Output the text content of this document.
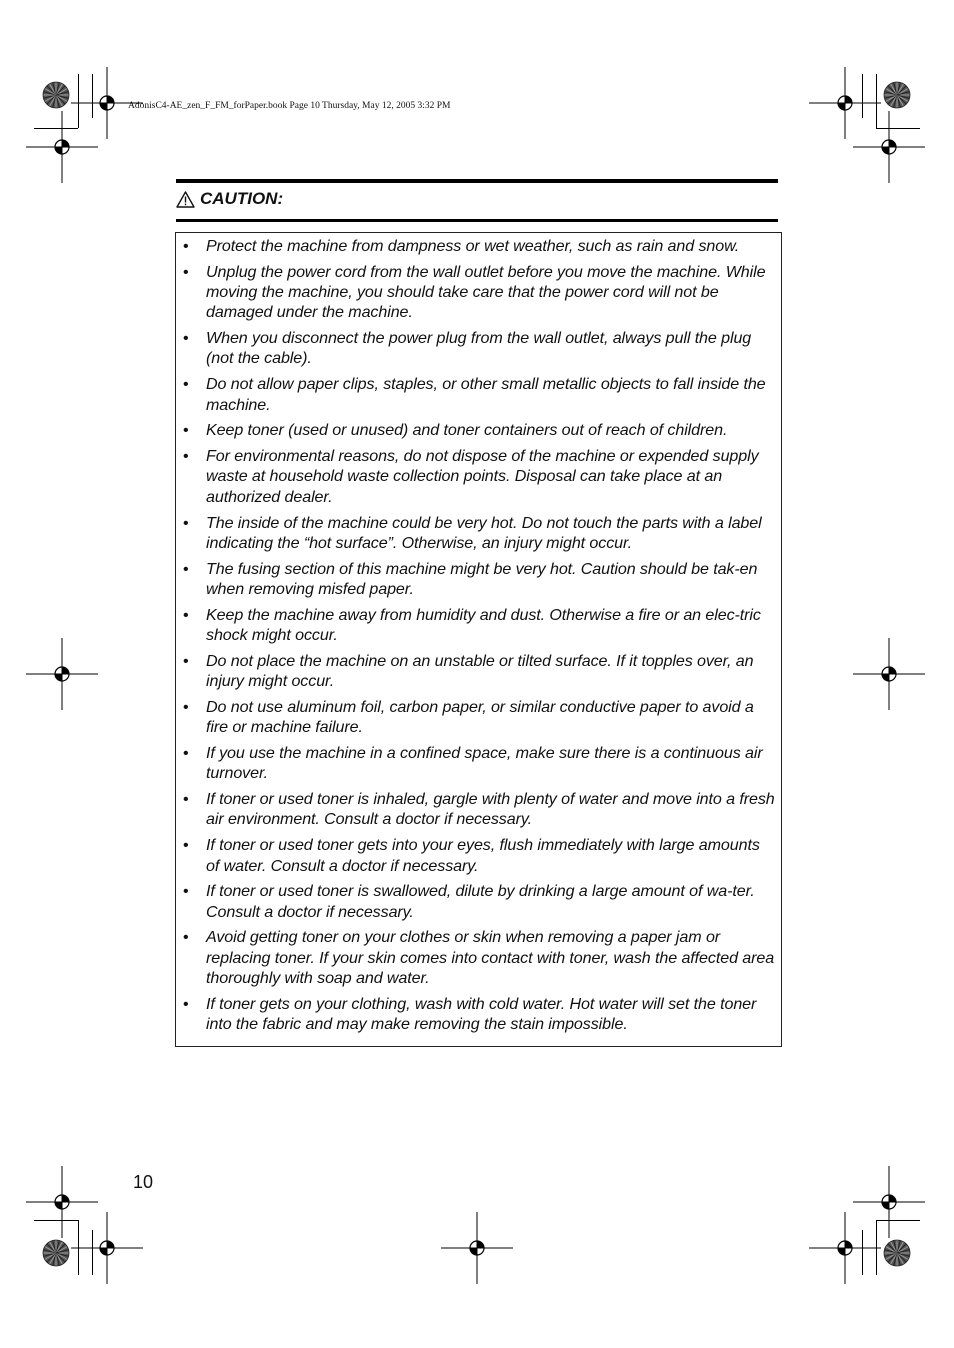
AdonisC4-AE_zen_F_FM_forPaper.book Page 10 Thursday, May 12, 2005 3:32 PM
CAUTION:
• Protect the machine from dampness or wet weather, such as rain and snow.
• Unplug the power cord from the wall outlet before you move the machine. While moving the machine, you should take care that the power cord will not be damaged under the machine.
• When you disconnect the power plug from the wall outlet, always pull the plug (not the cable).
• Do not allow paper clips, staples, or other small metallic objects to fall inside the machine.
• Keep toner (used or unused) and toner containers out of reach of children.
• For environmental reasons, do not dispose of the machine or expended supply waste at household waste collection points. Disposal can take place at an authorized dealer.
• The inside of the machine could be very hot. Do not touch the parts with a label indicating the “hot surface”. Otherwise, an injury might occur.
• The fusing section of this machine might be very hot. Caution should be tak-en when removing misfed paper.
• Keep the machine away from humidity and dust. Otherwise a fire or an elec-tric shock might occur.
• Do not place the machine on an unstable or tilted surface. If it topples over, an injury might occur.
• Do not use aluminum foil, carbon paper, or similar conductive paper to avoid a fire or machine failure.
• If you use the machine in a confined space, make sure there is a continuous air turnover.
• If toner or used toner is inhaled, gargle with plenty of water and move into a fresh air environment. Consult a doctor if necessary.
• If toner or used toner gets into your eyes, flush immediately with large amounts of water. Consult a doctor if necessary.
• If toner or used toner is swallowed, dilute by drinking a large amount of wa-ter. Consult a doctor if necessary.
• Avoid getting toner on your clothes or skin when removing a paper jam or replacing toner. If your skin comes into contact with toner, wash the affected area thoroughly with soap and water.
• If toner gets on your clothing, wash with cold water. Hot water will set the toner into the fabric and may make removing the stain impossible.
10
